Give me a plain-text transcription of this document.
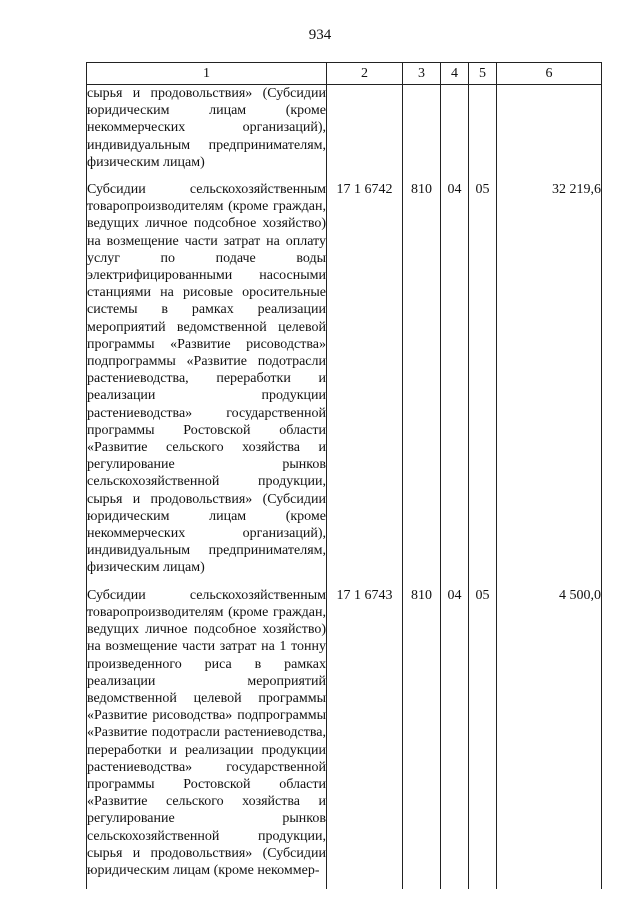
934
1	2	3	4	5	6
сырья и продовольствия» (Субсидии юридическим лицам (кроме некоммерческих организаций), индивидуальным предпринимателям, физическим лицам)					
Субсидии сельскохозяйственным товаропроизводителям (кроме граждан, ведущих личное подсобное хозяйство) на возмещение части затрат на оплату услуг по подаче воды электрифицированными насосными станциями на рисовые оросительные системы в рамках реализации мероприятий ведомственной целевой программы «Развитие рисоводства» подпрограммы «Развитие подотрасли растениеводства, переработки и реализации продукции растениеводства» государственной программы Ростовской области «Развитие сельского хозяйства и регулирование рынков сельскохозяйственной продукции, сырья и продовольствия» (Субсидии юридическим лицам (кроме некоммерческих организаций), индивидуальным предпринимателям, физическим лицам)	17 1 6742	810	04	05	32 219,6
Субсидии сельскохозяйственным товаропроизводителям (кроме граждан, ведущих личное подсобное хозяйство) на возмещение части затрат на 1 тонну произведенного риса в рамках реализации мероприятий ведомственной целевой программы «Развитие рисоводства» подпрограммы «Развитие подотрасли растениеводства, переработки и реализации продукции растениеводства» государственной программы Ростовской области «Развитие сельского хозяйства и регулирование рынков сельскохозяйственной продукции, сырья и продовольствия» (Субсидии юридическим лицам (кроме некоммер-	17 1 6743	810	04	05	4 500,0
